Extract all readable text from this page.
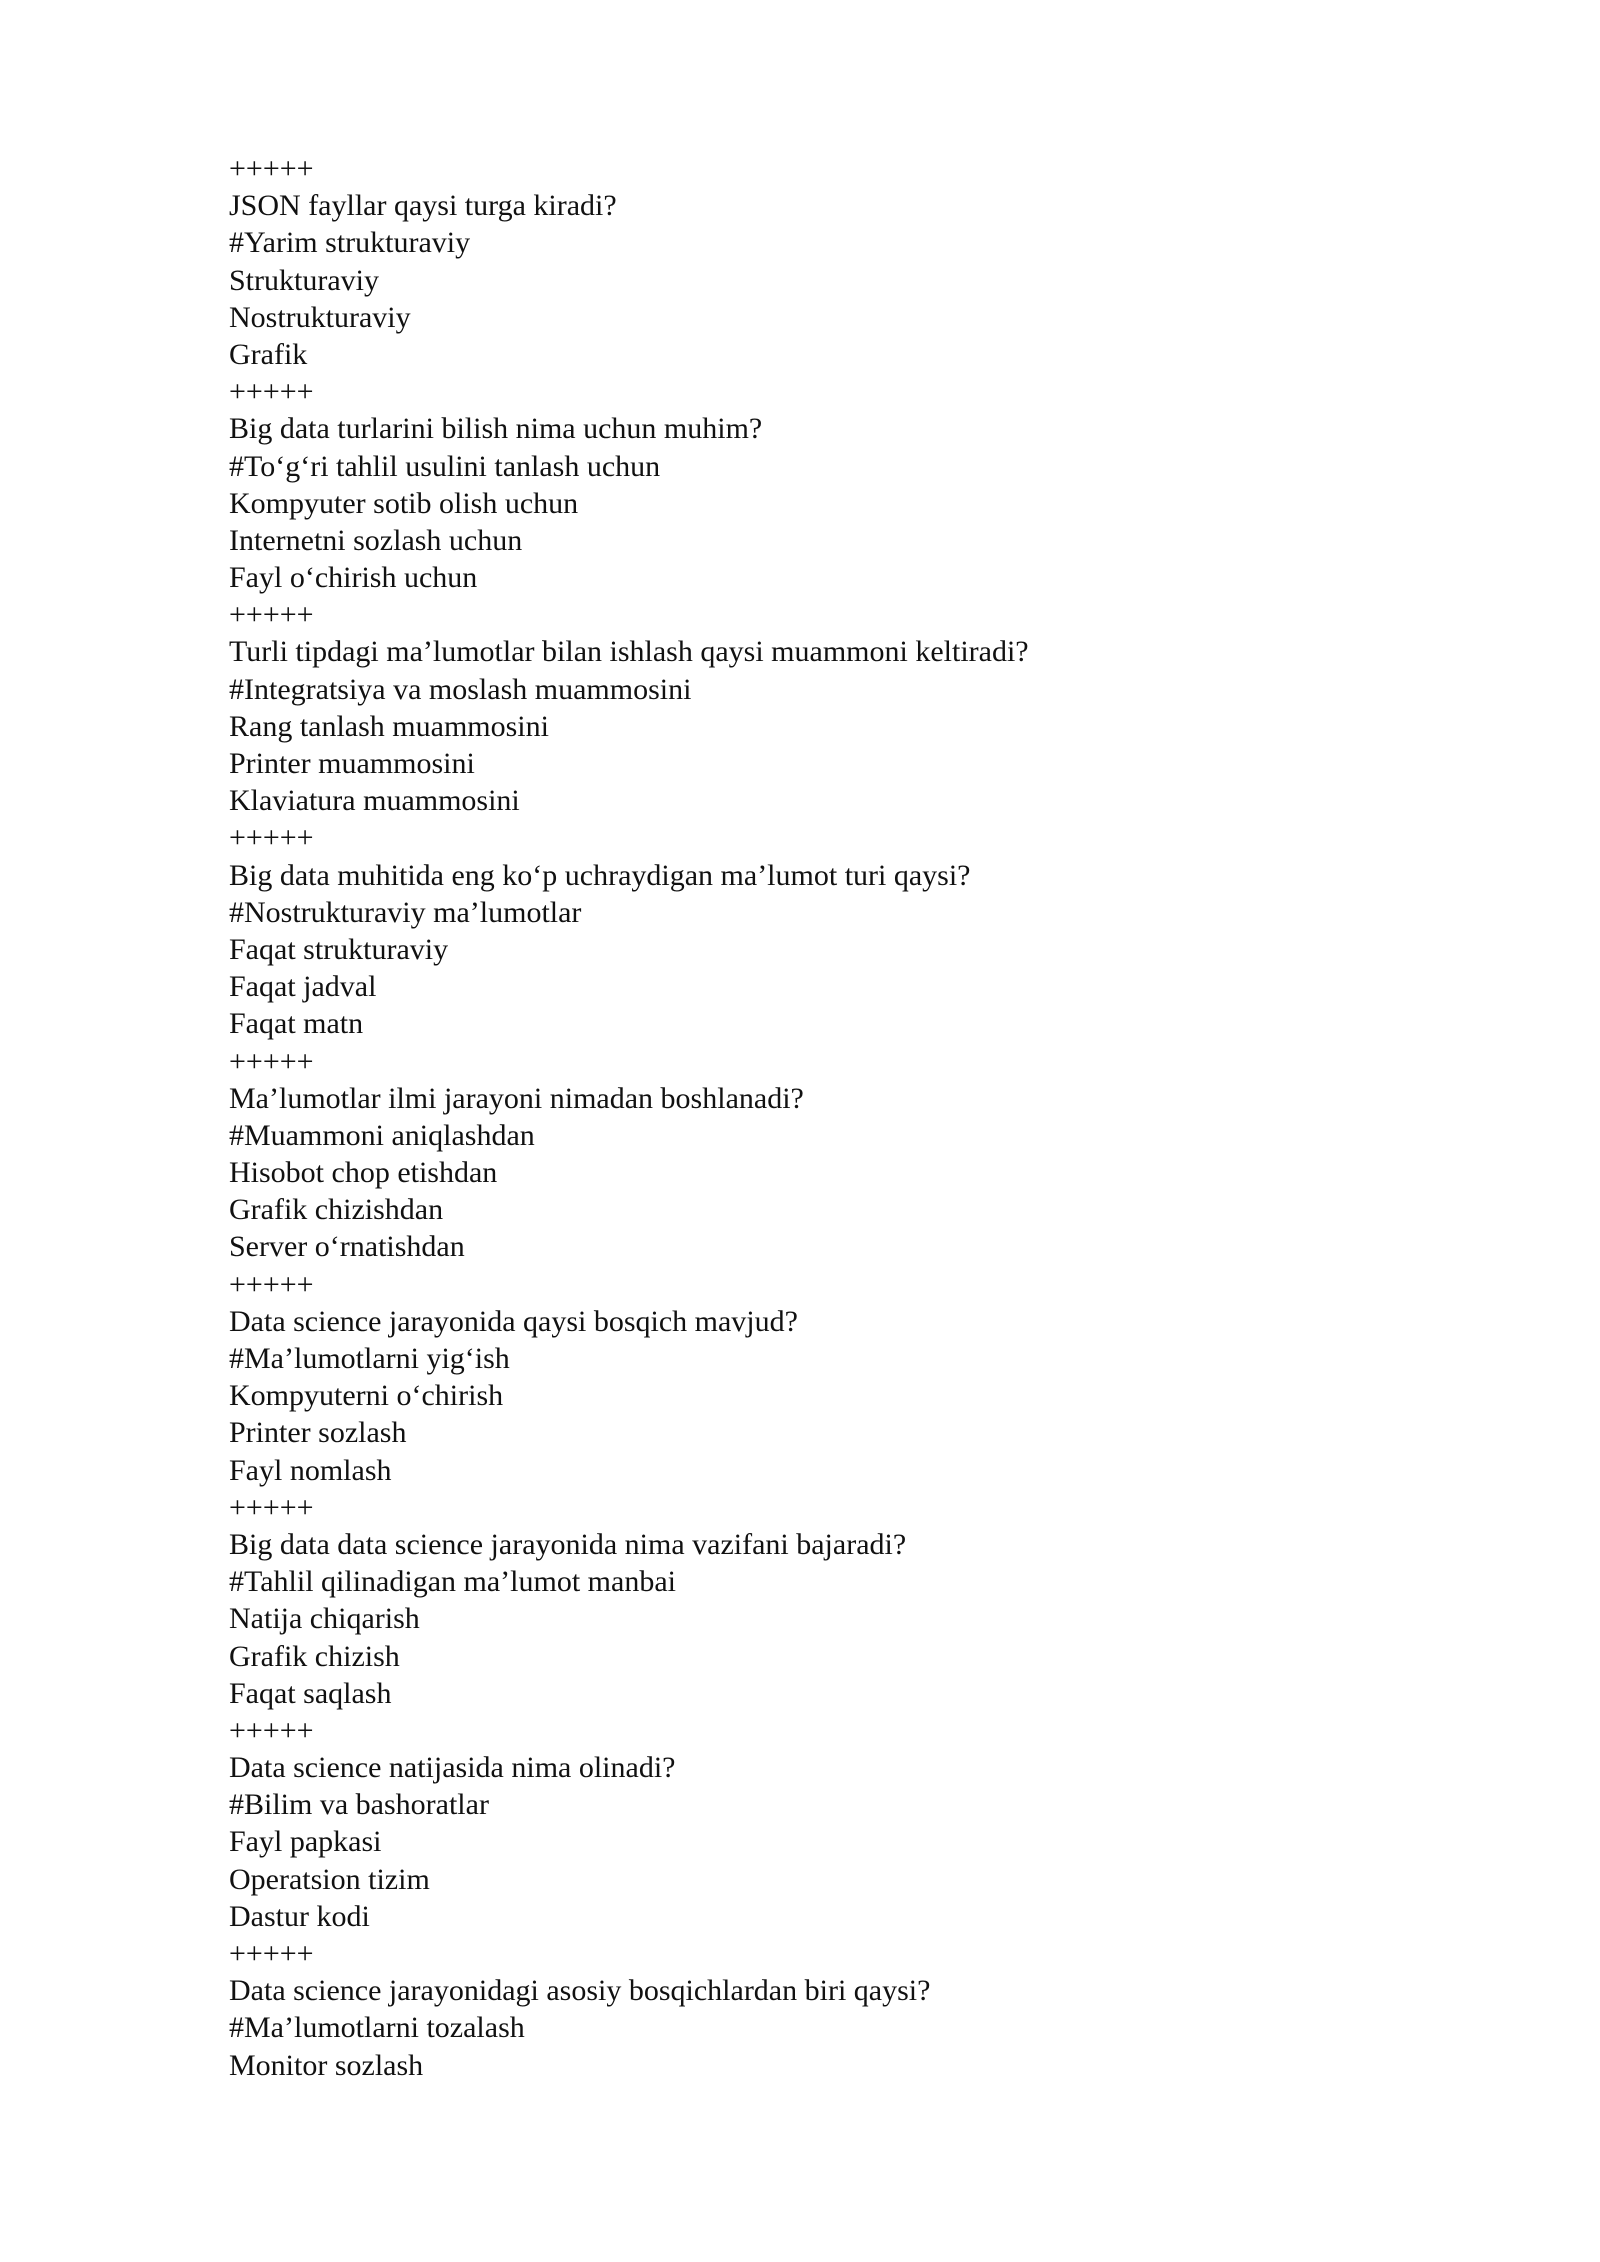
+++++
JSON fayllar qaysi turga kiradi?
#Yarim strukturaviy
Strukturaviy
Nostrukturaviy
Grafik
+++++
Big data turlarini bilish nima uchun muhim?
#To‘g‘ri tahlil usulini tanlash uchun
Kompyuter sotib olish uchun
Internetni sozlash uchun
Fayl o‘chirish uchun
+++++
Turli tipdagi ma’lumotlar bilan ishlash qaysi muammoni keltiradi?
#Integratsiya va moslash muammosini
Rang tanlash muammosini
Printer muammosini
Klaviatura muammosini
+++++
Big data muhitida eng ko‘p uchraydigan ma’lumot turi qaysi?
#Nostrukturaviy ma’lumotlar
Faqat strukturaviy
Faqat jadval
Faqat matn
+++++
Ma’lumotlar ilmi jarayoni nimadan boshlanadi?
#Muammoni aniqlashdan
Hisobot chop etishdan
Grafik chizishdan
Server o‘rnatishdan
+++++
Data science jarayonida qaysi bosqich mavjud?
#Ma’lumotlarni yig‘ish
Kompyuterni o‘chirish
Printer sozlash
Fayl nomlash
+++++
Big data data science jarayonida nima vazifani bajaradi?
#Tahlil qilinadigan ma’lumot manbai
Natija chiqarish
Grafik chizish
Faqat saqlash
+++++
Data science natijasida nima olinadi?
#Bilim va bashoratlar
Fayl papkasi
Operatsion tizim
Dastur kodi
+++++
Data science jarayonidagi asosiy bosqichlardan biri qaysi?
#Ma’lumotlarni tozalash
Monitor sozlash
